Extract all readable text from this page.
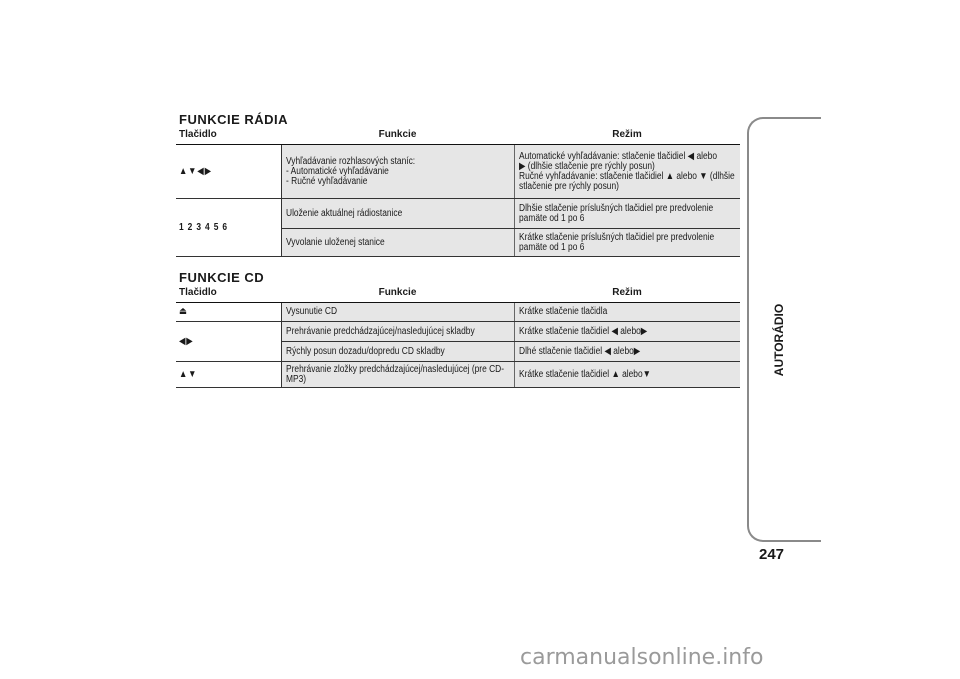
FUNKCIE RÁDIA
Tlačidlo	Funkcie	Režim

▲▼◀▶	Vyhľadávanie rozhlasových staníc:
- Automatické vyhľadávanie
- Ručné vyhľadávanie	Automatické vyhľadávanie: stlačenie tlačidiel ◀ alebo
▶ (dlhšie stlačenie pre rýchly posun)
Ručné vyhľadávanie: stlačenie tlačidiel ▲ alebo ▼ (dlhšie
stlačenie pre rýchly posun)

1 2 3 4 5 6	Uloženie aktuálnej rádiostanice	Dlhšie stlačenie príslušných tlačidiel pre predvolenie
pamäte od 1 po 6

	Vyvolanie uloženej stanice	Krátke stlačenie príslušných tlačidiel pre predvolenie
pamäte od 1 po 6
FUNKCIE CD
Tlačidlo	Funkcie	Režim

⏏	Vysunutie CD	Krátke stlačenie tlačidla

◀▶	Prehrávanie predchádzajúcej/nasledujúcej skladby	Krátke stlačenie tlačidiel ◀ alebo▶

	Rýchly posun dozadu/dopredu CD skladby	Dlhé stlačenie tlačidiel ◀ alebo▶

▲▼	Prehrávanie zložky predchádzajúcej/nasledujúcej (pre CD-
MP3)	Krátke stlačenie tlačidiel ▲ alebo▼	AUTORÁDIO
247
carmanualsonline.info
